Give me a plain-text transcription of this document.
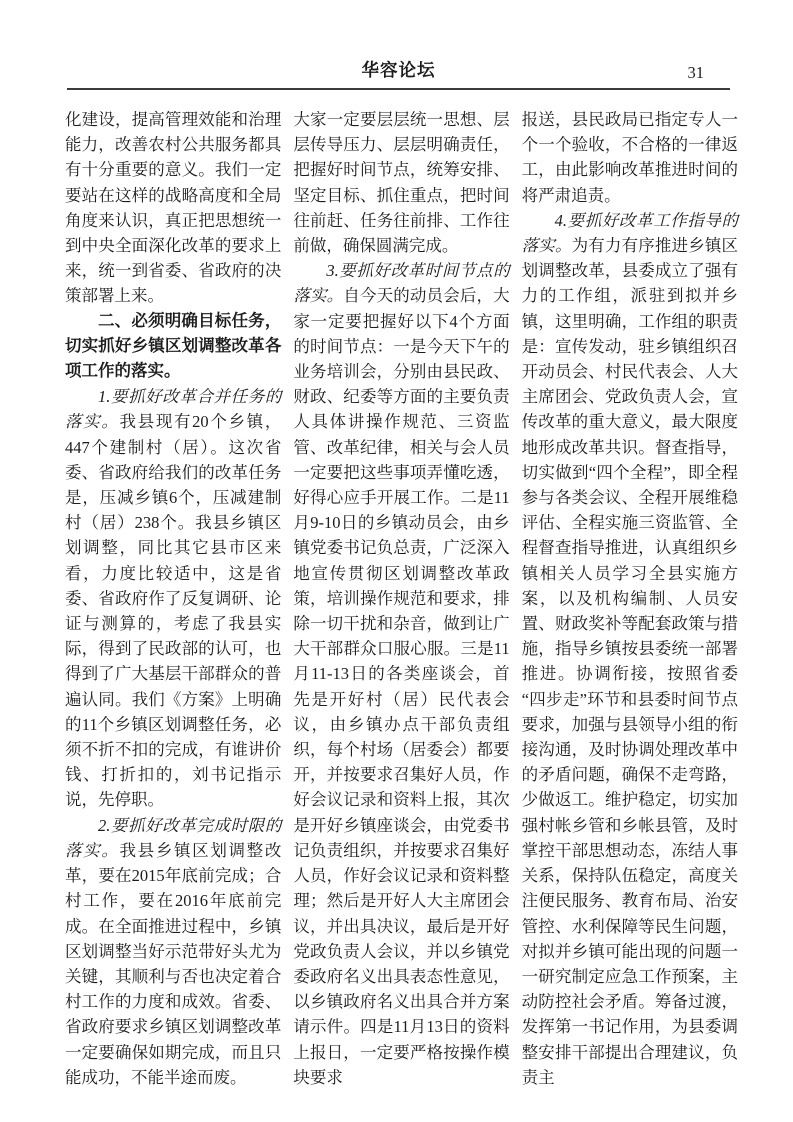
华容论坛	31

化建设，提高管理效能和治理能力，改善农村公共服务都具有十分重要的意义。我们一定要站在这样的战略高度和全局角度来认识，真正把思想统一到中央全面深化改革的要求上来，统一到省委、省政府的决策部署上来。

二、必须明确目标任务，切实抓好乡镇区划调整改革各项工作的落实。

1.要抓好改革合并任务的落实。我县现有20个乡镇，447个建制村（居）。这次省委、省政府给我们的改革任务是，压减乡镇6个，压减建制村（居）238个。我县乡镇区划调整，同比其它县市区来看，力度比较适中，这是省委、省政府作了反复调研、论证与测算的，考虑了我县实际，得到了民政部的认可，也得到了广大基层干部群众的普遍认同。我们《方案》上明确的11个乡镇区划调整任务，必须不折不扣的完成，有谁讲价钱、打折扣的，刘书记指示说，先停职。

2.要抓好改革完成时限的落实。我县乡镇区划调整改革，要在2015年底前完成；合村工作，要在2016年底前完成。在全面推进过程中，乡镇区划调整当好示范带好头尤为关键，其顺利与否也决定着合村工作的力度和成效。省委、省政府要求乡镇区划调整改革一定要确保如期完成，而且只能成功，不能半途而废。

大家一定要层层统一思想、层层传导压力、层层明确责任，把握好时间节点，统筹安排、坚定目标、抓住重点，把时间往前赶、任务往前排、工作往前做，确保圆满完成。

3.要抓好改革时间节点的落实。自今天的动员会后，大家一定要把握好以下4个方面的时间节点：一是今天下午的业务培训会，分别由县民政、财政、纪委等方面的主要负责人具体讲操作规范、三资监管、改革纪律，相关与会人员一定要把这些事项弄懂吃透，好得心应手开展工作。二是11月9-10日的乡镇动员会，由乡镇党委书记负总责，广泛深入地宣传贯彻区划调整改革政策，培训操作规范和要求，排除一切干扰和杂音，做到让广大干部群众口服心服。三是11月11-13日的各类座谈会，首先是开好村（居）民代表会议，由乡镇办点干部负责组织，每个村场（居委会）都要开，并按要求召集好人员，作好会议记录和资料上报，其次是开好乡镇座谈会，由党委书记负责组织，并按要求召集好人员，作好会议记录和资料整理；然后是开好人大主席团会议，并出具决议，最后是开好党政负责人会议，并以乡镇党委政府名义出具表态性意见，以乡镇政府名义出具合并方案请示件。四是11月13日的资料上报日，一定要严格按操作模块要求

报送，县民政局已指定专人一个一个验收，不合格的一律返工，由此影响改革推进时间的将严肃追责。

4.要抓好改革工作指导的落实。为有力有序推进乡镇区划调整改革，县委成立了强有力的工作组，派驻到拟并乡镇，这里明确，工作组的职责是：宣传发动，驻乡镇组织召开动员会、村民代表会、人大主席团会、党政负责人会，宣传改革的重大意义，最大限度地形成改革共识。督查指导，切实做到“四个全程”，即全程参与各类会议、全程开展维稳评估、全程实施三资监管、全程督查指导推进，认真组织乡镇相关人员学习全县实施方案，以及机构编制、人员安置、财政奖补等配套政策与措施，指导乡镇按县委统一部署推进。协调衔接，按照省委“四步走”环节和县委时间节点要求，加强与县领导小组的衔接沟通，及时协调处理改革中的矛盾问题，确保不走弯路，少做返工。维护稳定，切实加强村帐乡管和乡帐县管，及时掌控干部思想动态，冻结人事关系，保持队伍稳定，高度关注便民服务、教育布局、治安管控、水利保障等民生问题，对拟并乡镇可能出现的问题一一研究制定应急工作预案，主动防控社会矛盾。筹备过渡，发挥第一书记作用，为县委调整安排干部提出合理建议，负责主
